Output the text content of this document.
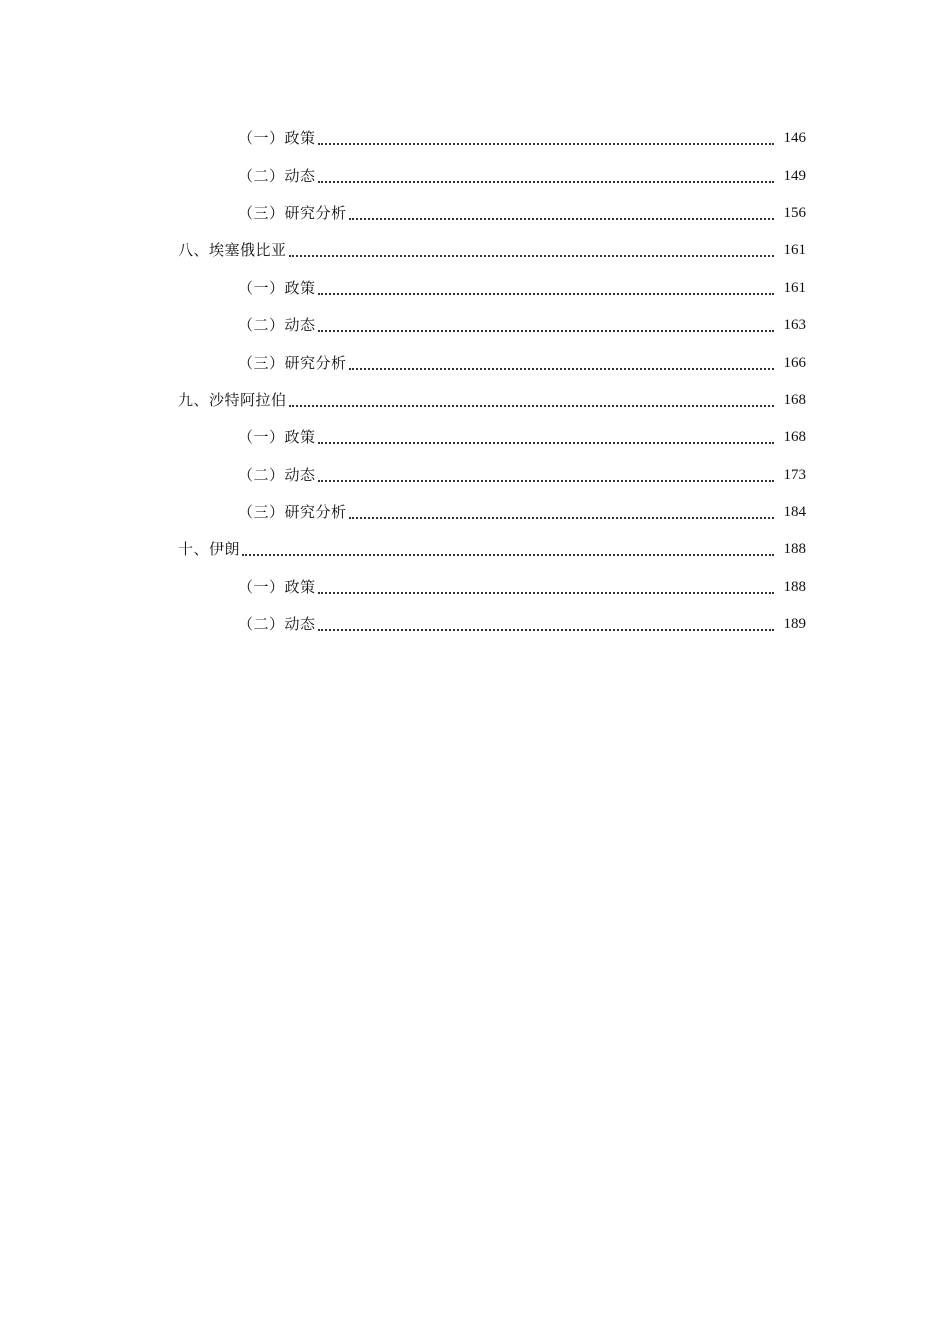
（一）政策	146
（二）动态	149
（三）研究分析	156
八、埃塞俄比亚	161
（一）政策	161
（二）动态	163
（三）研究分析	166
九、沙特阿拉伯	168
（一）政策	168
（二）动态	173
（三）研究分析	184
十、伊朗	188
（一）政策	188
（二）动态	189
